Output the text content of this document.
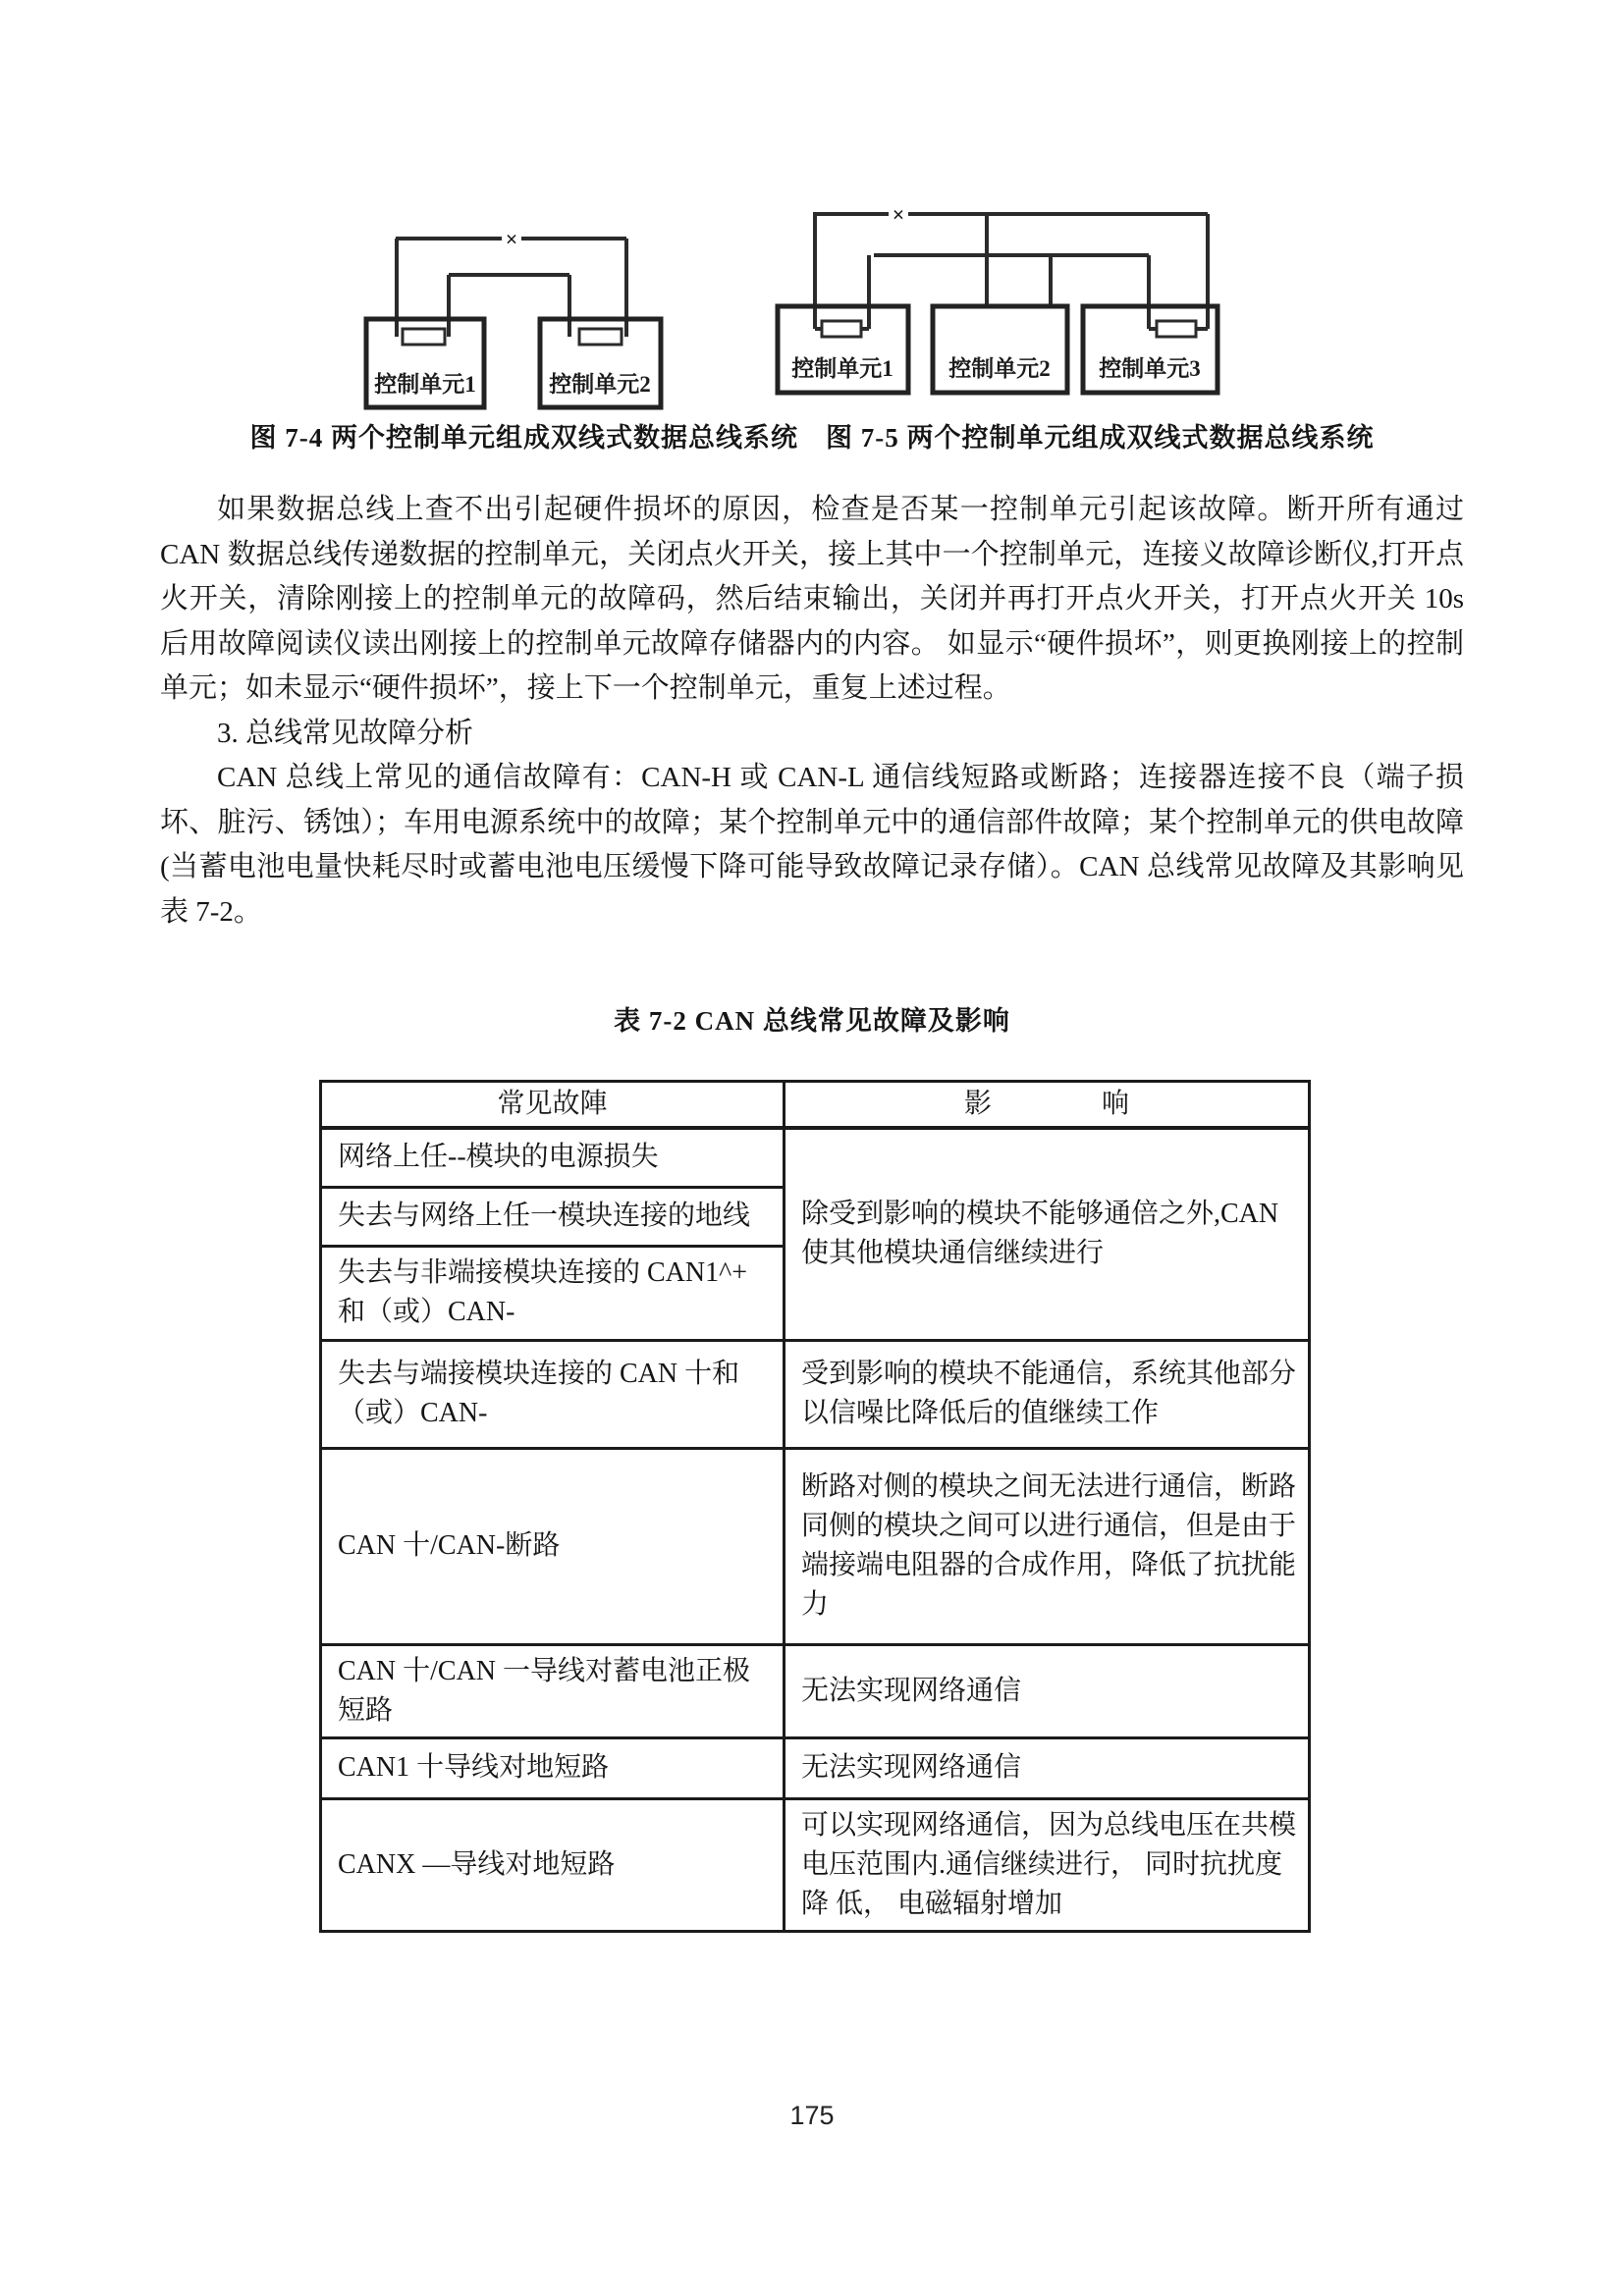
×
控制单元1	控制单元2
×
控制单元1 控制单元2 控制单元3
图 7-4 两个控制单元组成双线式数据总线系统　图 7-5 两个控制单元组成双线式数据总线系统

如果数据总线上查不出引起硬件损坏的原因，检查是否某一控制单元引起该故障。断开所有通过 CAN 数据总线传递数据的控制单元，关闭点火开关，接上其中一个控制单元，连接义故障诊断仪,打开点火开关，清除刚接上的控制单元的故障码，然后结束输出，关闭并再打开点火开关，打开点火开关 10s 后用故障阅读仪读出刚接上的控制单元故障存储器内的内容。 如显示“硬件损坏”，则更换刚接上的控制单元；如未显示“硬件损坏”，接上下一个控制单元，重复上述过程。

3. 总线常见故障分析

CAN 总线上常见的通信故障有：CAN-H 或 CAN-L 通信线短路或断路；连接器连接不良（端子损坏、脏污、锈蚀）；车用电源系统中的故障；某个控制单元中的通信部件故障；某个控制单元的供电故障(当蓄电池电量快耗尽时或蓄电池电压缓慢下降可能导致故障记录存储）。CAN 总线常见故障及其影响见表 7-2。

表 7-2 CAN 总线常见故障及影响
常见故陣	影　　　　响
网络上任--模块的电源损失	除受到影响的模块不能够通倍之外,CAN 使其他模块通信继续进行
失去与网络上任一模块连接的地线	
失去与非端接模块连接的 CAN1^+ 和（或）CAN-	
失去与端接模块连接的 CAN 十和（或）CAN-	受到影响的模块不能通信，系统其他部分以信噪比降低后的值继续工作
CAN 十/CAN-断路	断路对侧的模块之间无法进行通信，断路同侧的模块之间可以进行通信，但是由于端接端电阻器的合成作用，降低了抗扰能力
CAN 十/CAN 一导线对蓄电池正极短路	无法实现网络通信
CAN1 十导线对地短路	无法实现网络通信
CANX —导线对地短路	可以实现网络通信，因为总线电压在共模电压范围内.通信继续进行， 同时抗扰度降 低， 电磁辐射增加
175
